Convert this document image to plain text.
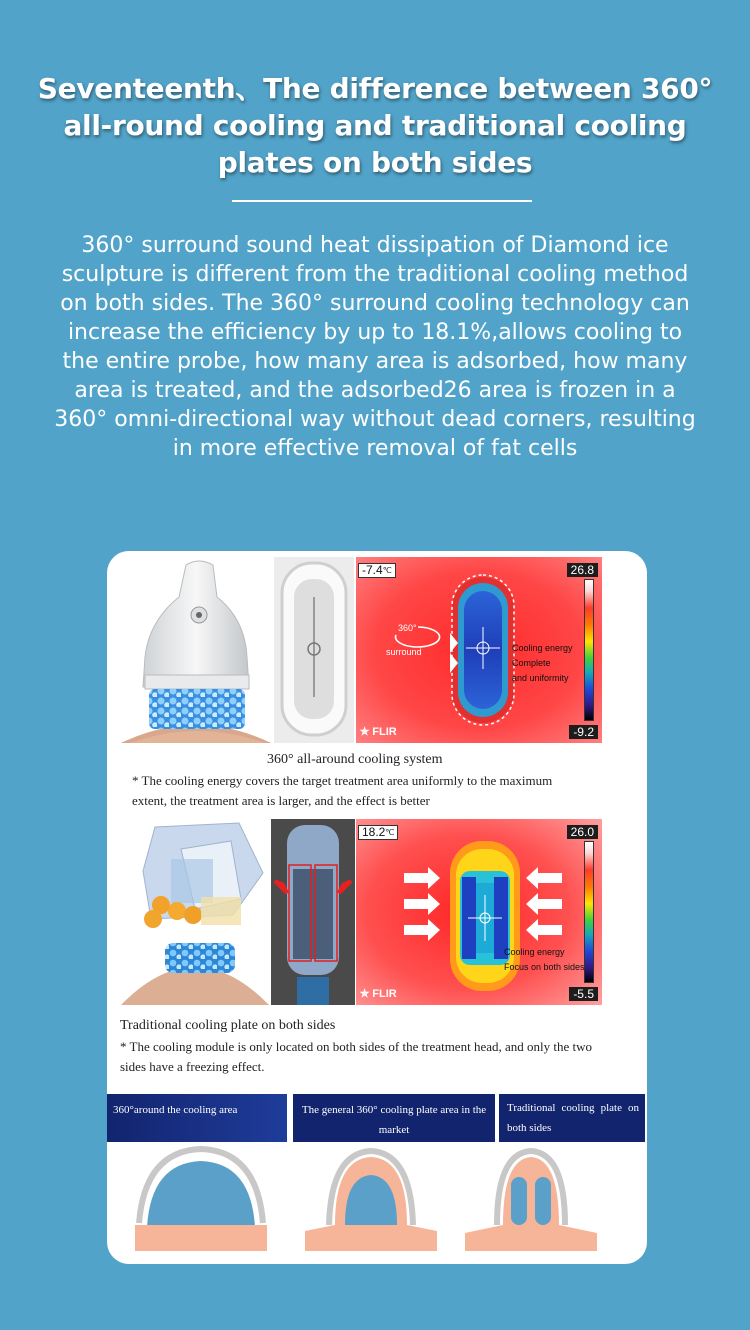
Seventeenth、The difference between 360° all-round cooling and traditional cooling plates on both sides
360° surround sound heat dissipation of Diamond ice sculpture is different from the traditional cooling method on both sides. The 360° surround cooling technology can increase the efficiency by up to 18.1%,allows cooling to the entire probe, how many area is adsorbed, how many area is treated, and the adsorbed26 area is frozen in a 360° omni-directional way without dead corners, resulting in more effective removal of fat cells
-7.4℃	26.8
-9.2
360°
surround	Cooling energy
Complete
and uniformity
✯ FLIR
360° all-around cooling system
* The cooling energy covers the target treatment area uniformly to the maximum extent, the treatment area is larger, and the effect is better
18.2℃	26.0
-5.5
Cooling energy
Focus on both sides
✯ FLIR
Traditional cooling plate on both sides
* The cooling module is only located on both sides of the treatment head, and only the two sides have a freezing effect.
360°around the cooling area	The general 360° cooling plate area in the market
Traditional cooling plate on both sides
